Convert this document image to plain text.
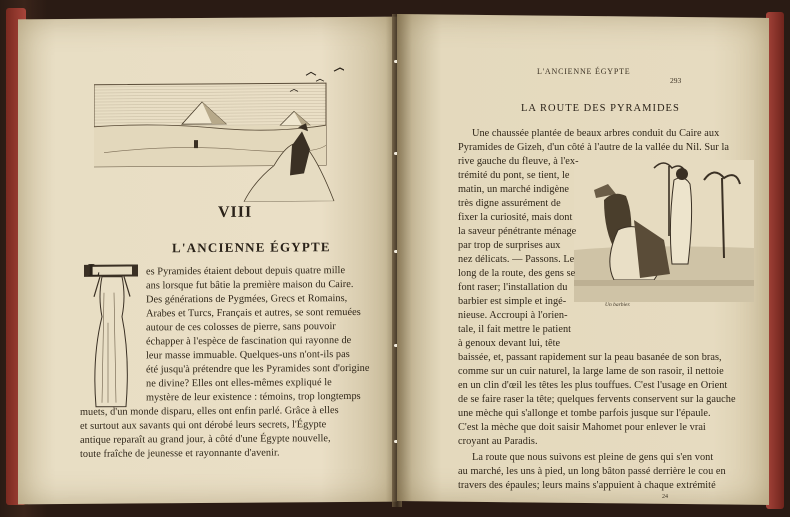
VIII
L'ANCIENNE ÉGYPTE
L	es Pyramides étaient debout depuis quatre mille
ans lorsque fut bâtie la première maison du Caire.
Des générations de Pygmées, Grecs et Romains,
Arabes et Turcs, Français et autres, se sont remuées
autour de ces colosses de pierre, sans pouvoir
échapper à l'espèce de fascination qui rayonne de
leur masse immuable. Quelques-uns n'ont-ils pas
été jusqu'à prétendre que les Pyramides sont d'origine
ne divine? Elles ont elles-mêmes expliqué le
mystère de leur existence : témoins, trop longtemps
muets, d'un monde disparu, elles ont enfin parlé. Grâce à elles
et surtout aux savants qui ont dérobé leurs secrets, l'Égypte
antique reparaît au grand jour, à côté d'une Égypte nouvelle,
toute fraîche de jeunesse et rayonnante d'avenir.
L'ANCIENNE ÉGYPTE
293
LA ROUTE DES PYRAMIDES
Un barbier.
Une chaussée plantée de beaux arbres conduit du Caire aux
Pyramides de Gizeh, d'un côté à l'autre de la vallée du Nil. Sur la
rive gauche du fleuve, à l'ex-
trémité du pont, se tient, le
matin, un marché indigène
très digne assurément de
fixer la curiosité, mais dont
la saveur pénétrante ménage
par trop de surprises aux
nez délicats. — Passons. Le
long de la route, des gens se
font raser; l'installation du
barbier est simple et ingé-
nieuse. Accroupi à l'orien-
tale, il fait mettre le patient
à genoux devant lui, tête
baissée, et, passant rapidement sur la peau basanée de son bras,
comme sur un cuir naturel, la large lame de son rasoir, il nettoie
en un clin d'œil les têtes les plus touffues. C'est l'usage en Orient
de se faire raser la tête; quelques fervents conservent sur la gauche
une mèche qui s'allonge et tombe parfois jusque sur l'épaule.
C'est la mèche que doit saisir Mahomet pour enlever le vrai
croyant au Paradis.
La route que nous suivons est pleine de gens qui s'en vont
au marché, les uns à pied, un long bâton passé derrière le cou en
travers des épaules; leurs mains s'appuient à chaque extrémité
24
